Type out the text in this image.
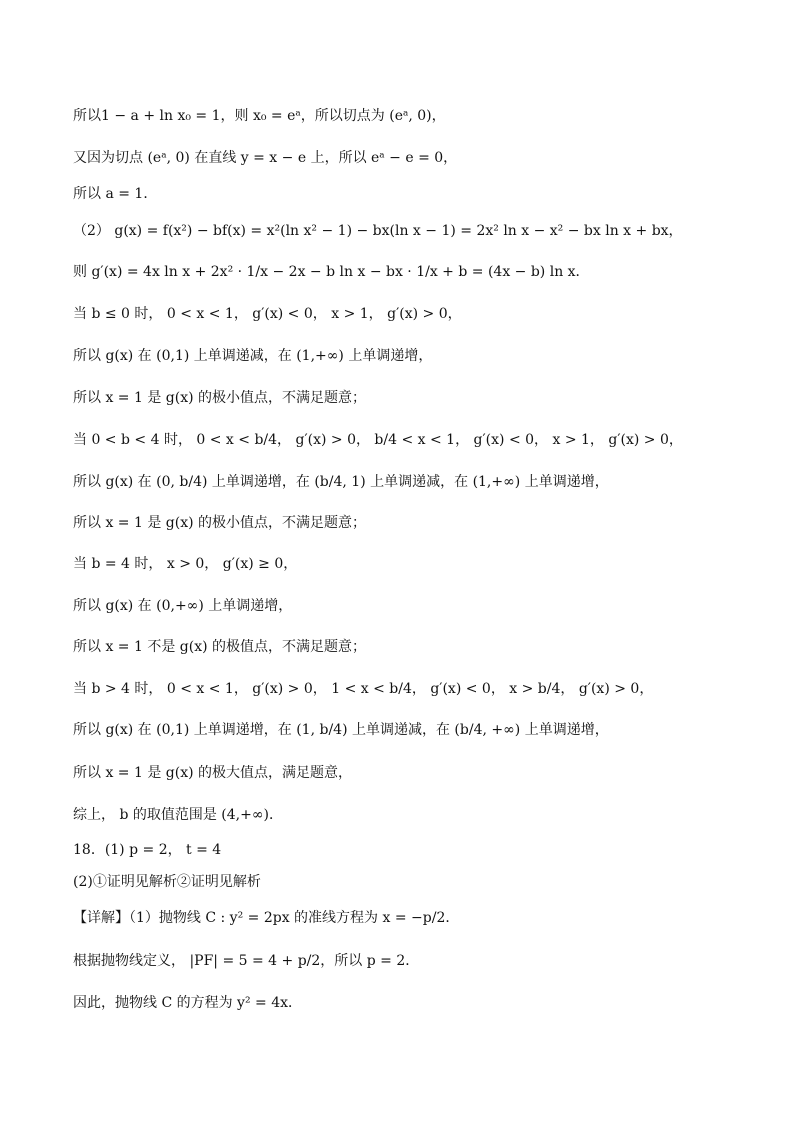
所以1 − a + ln x₀ = 1，则 x₀ = eᵃ，所以切点为 (eᵃ, 0)，
又因为切点 (eᵃ, 0) 在直线 y = x − e 上，所以 eᵃ − e = 0，
所以 a = 1．
（2） g(x) = f(x²) − bf(x) = x²(ln x² − 1) − bx(ln x − 1) = 2x² ln x − x² − bx ln x + bx，
则 g′(x) = 4x ln x + 2x² · 1/x − 2x − b ln x − bx · 1/x + b = (4x − b) ln x．
当 b ≤ 0 时， 0 < x < 1， g′(x) < 0， x > 1， g′(x) > 0，
所以 g(x) 在 (0,1) 上单调递减，在 (1,+∞) 上单调递增，
所以 x = 1 是 g(x) 的极小值点，不满足题意；
当 0 < b < 4 时， 0 < x < b/4， g′(x) > 0， b/4 < x < 1， g′(x) < 0， x > 1， g′(x) > 0，
所以 g(x) 在 (0, b/4) 上单调递增，在 (b/4, 1) 上单调递减，在 (1,+∞) 上单调递增，
所以 x = 1 是 g(x) 的极小值点，不满足题意；
当 b = 4 时， x > 0， g′(x) ≥ 0，
所以 g(x) 在 (0,+∞) 上单调递增，
所以 x = 1 不是 g(x) 的极值点，不满足题意；
当 b > 4 时， 0 < x < 1， g′(x) > 0， 1 < x < b/4， g′(x) < 0， x > b/4， g′(x) > 0，
所以 g(x) 在 (0,1) 上单调递增，在 (1, b/4) 上单调递减，在 (b/4, +∞) 上单调递增，
所以 x = 1 是 g(x) 的极大值点，满足题意，
综上， b 的取值范围是 (4,+∞)．
18．(1) p = 2， t = 4
(2)①证明见解析②证明见解析
【详解】（1）抛物线 C : y² = 2px 的准线方程为 x = −p/2．
根据抛物线定义， |PF| = 5 = 4 + p/2，所以 p = 2．
因此，抛物线 C 的方程为 y² = 4x．
